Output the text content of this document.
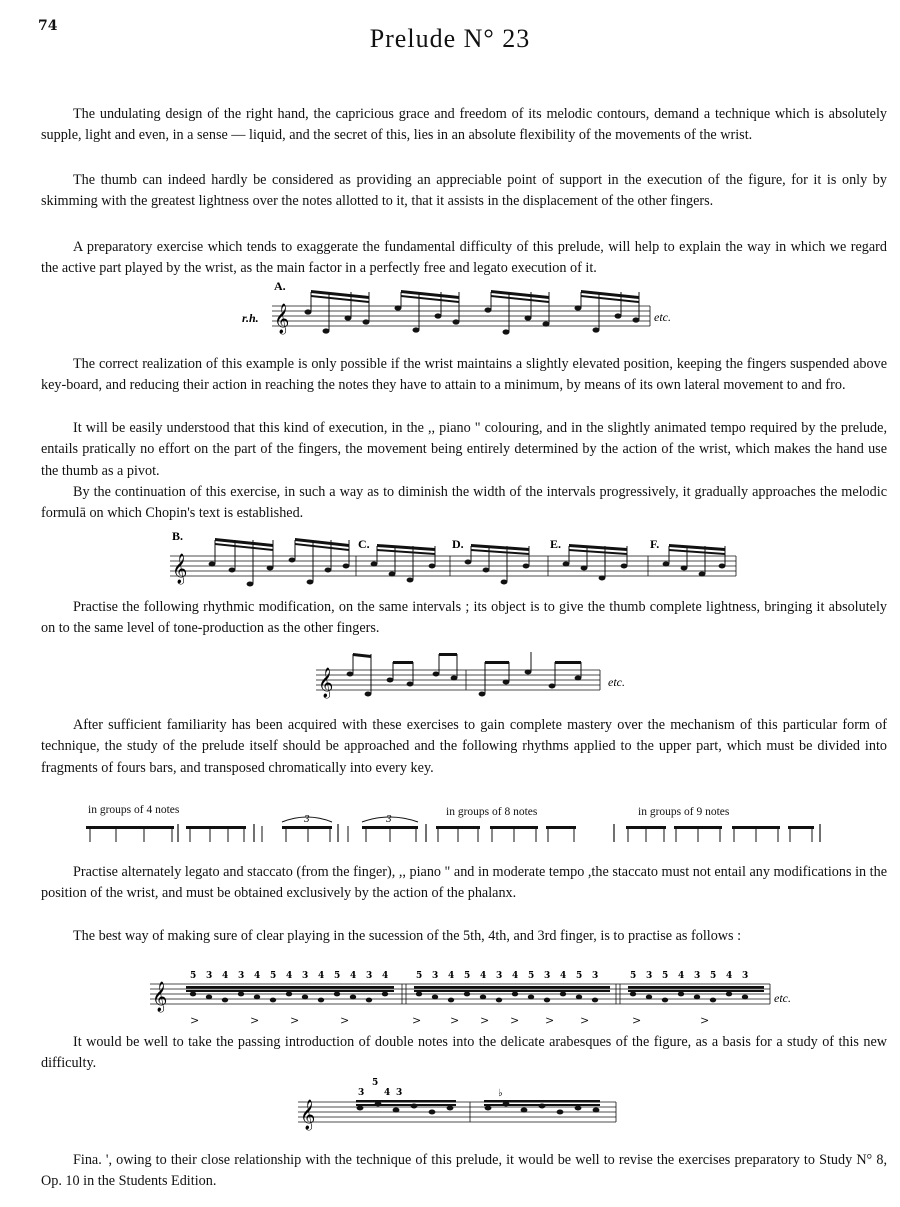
74	Prelude N° 23
The undulating design of the right hand, the capricious grace and freedom of its melodic contours, demand a technique which is absolutely supple, light and even, in a sense — liquid, and the secret of this, lies in an absolute flexibility of the movements of the wrist.
The thumb can indeed hardly be considered as providing an appreciable point of support in the execution of the figure, for it is only by skimming with the greatest lightness over the notes allotted to it, that it assists in the displacement of the other fingers.
A preparatory exercise which tends to exaggerate the fundamental difficulty of this prelude, will help to explain the way in which we regard the active part played by the wrist, as the main factor in a perfectly free and legato execution of it.
r.h.
A.
𝄞	etc.
The correct realization of this example is only possible if the wrist maintains a slightly elevated position, keeping the fingers suspended above key-board, and reducing their action in reaching the notes they have to attain to a minimum, by means of its own lateral movement to and fro.
It will be easily understood that this kind of execution, in the ,, piano " colouring, and in the slightly animated tempo required by the prelude, entails pratically no effort on the part of the fingers, the movement being entirely determined by the action of the wrist, which makes the hand use the thumb as a pivot.
By the continuation of this exercise, in such a way as to diminish the width of the intervals progressively, it gradually approaches the melodic formulā on which Chopin's text is established.
B.
C.	D.	E.	F.
𝄞
Practise the following rhythmic modification, on the same intervals ; its object is to give the thumb complete lightness, bringing it absolutely on to the same level of tone-production as the other fingers.
𝄞	etc.
After sufficient familiarity has been acquired with these exercises to gain complete mastery over the mechanism of this particular form of technique, the study of the prelude itself should be approached and the following rhythms applied to the upper part, which must be divided into fragments of fours bars, and transposed chromatically into every key.
in groups of 4 notes	in groups of 8 notes	in groups of 9 notes
3	3
Practise alternately legato and staccato (from the finger), ,, piano " and in moderate tempo ,the staccato must not entail any modifications in the position of the wrist, and must be obtained exclusively by the action of the phalanx.
The best way of making sure of clear playing in the sucession of the 5th, 4th, and 3rd finger, is to practise as follows :
𝄞
5 3 4 3 4 5 4 3 4 5 4 3 4	5 3 4 5 4 3 4 5 3 4 5 3	5 3 5 4 3 5 4 3
>	>	>	>	>	> > > > >	>	>
etc.
It would be well to take the passing introduction of double notes into the delicate arabesques of the figure, as a basis for a study of this new difficulty.
5
3 4 3
𝄞
♭
Fina. ', owing to their close relationship with the technique of this prelude, it would be well to revise the exercises preparatory to Study N° 8, Op. 10 in the Students Edition.
